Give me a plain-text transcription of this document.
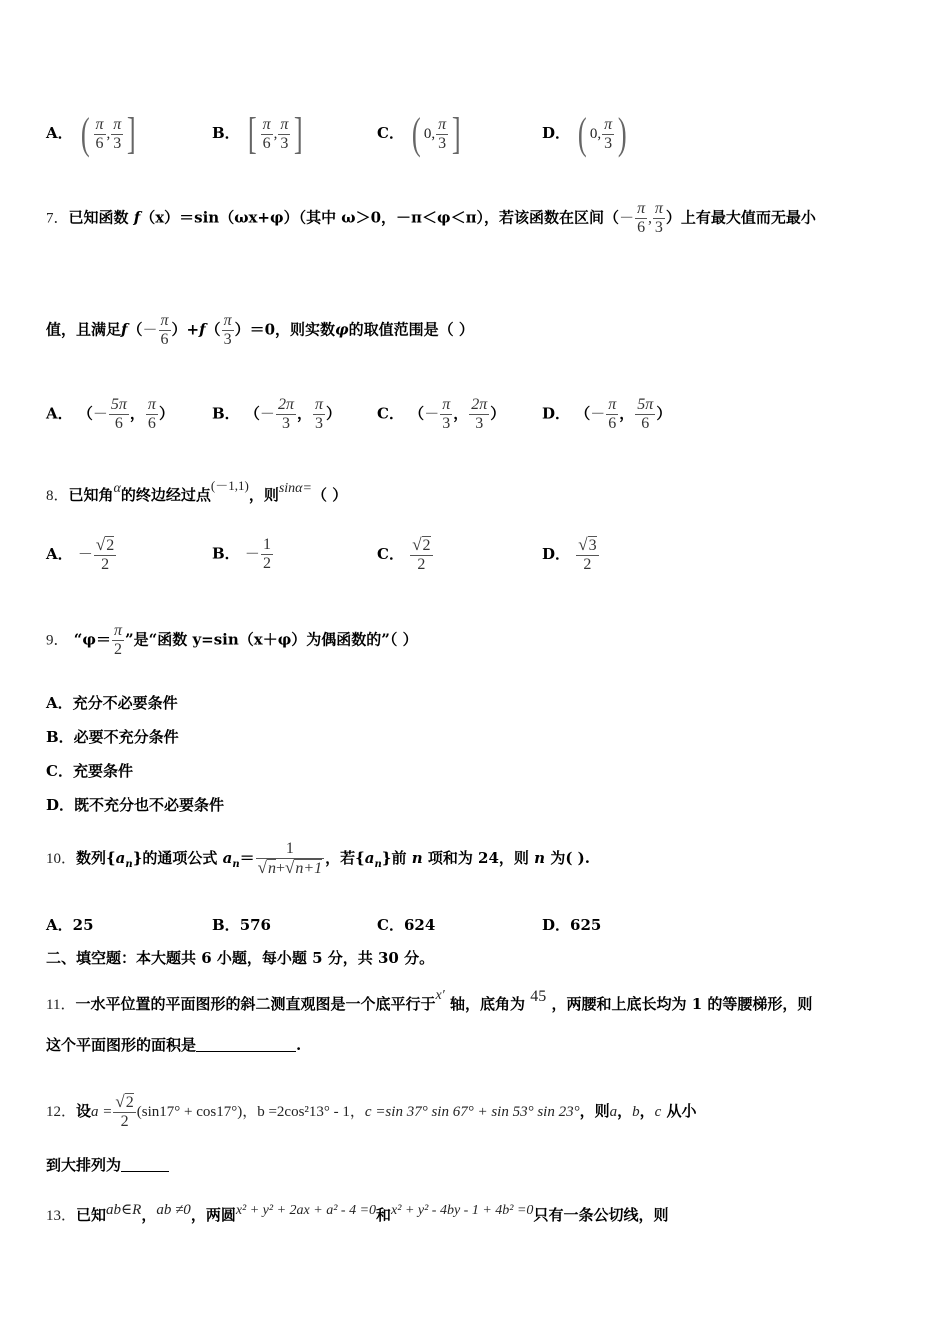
A． ( $\frac{\pi}{6}$ , $\frac{\pi}{3}$ ]	B． [ $\frac{\pi}{6}$ , $\frac{\pi}{3}$ ]	C． ( 0, $\frac{\pi}{3}$ ]	D． ( 0, $\frac{\pi}{3}$ )
7．已知函数 f（x）＝sin（ωx+φ）（其中 ω＞0，－π＜φ＜π），若该函数在区间（－ $\frac{\pi}{6}$ , $\frac{\pi}{3}$ ）上有最大值而无最小
值，且满足$f(- \frac{\pi}{6} )+f( \frac{\pi}{3} )=0$，则实数φ的取值范围是（ ）
A． （－ $\frac{5\pi}{6}$ ， $\frac{\pi}{6}$ ）	B． （－ $\frac{2\pi}{3}$ ， $\frac{\pi}{3}$ ） C． （－ $\frac{\pi}{3}$ ， $\frac{2\pi}{3}$ ） D． （－ $\frac{\pi}{6}$ ， $\frac{5\pi}{6}$ ）
8．已知角α的终边经过点(－1,1)，则sinα=（ ）
A． － $\frac{√2}{2}$	B． － $\frac{1}{2}$	C． $\frac{√2}{2}$	D． $\frac{√3}{2}$
9． “$\varphi= \frac{\pi}{2}$ ”是“函数 y=sin（x＋φ）为偶函数的”（ ）
A．充分不必要条件
B．必要不充分条件
C．充要条件
D．既不充分也不必要条件
10．数列$\{a_n\}$的通项公式 $a_n= \frac{1}{√n+√n+1}$ ，若$\{a_n\}$前 n 项和为 24，则 n 为( ).
A．25	B．576	C．624	D．625
二、填空题：本大题共 6 小题，每小题 5 分，共 30 分。
11．一水平位置的平面图形的斜二测直观图是一个底平行于x′ 轴，底角为 45 ，两腰和上底长均为 1 的等腰梯形，则
这个平面图形的面积是	.
12．设$a = \frac{√2}{2} (\sin 17^\circ + \cos 17^\circ)$，b =2cos²13° - 1，c =sin 37° sin 67° + sin 53° sin 23°，则a，b，c 从小
到大排列为
13．已知ab∈R，ab ≠0，两圆x² + y² + 2ax + a² - 4 =0和x² + y² - 4by - 1 + 4b² =0只有一条公切线，则
